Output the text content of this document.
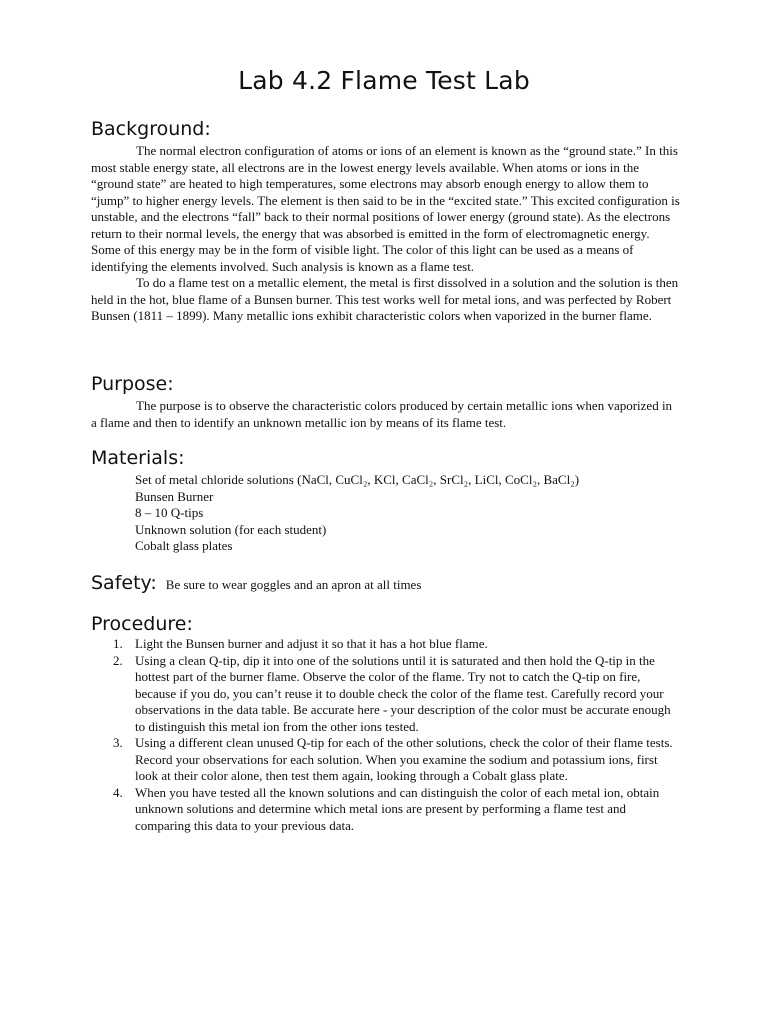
Lab 4.2 Flame Test Lab
Background:

The normal electron configuration of atoms or ions of an element is known as the “ground state.” In this most stable energy state, all electrons are in the lowest energy levels available. When atoms or ions in the “ground state” are heated to high temperatures, some electrons may absorb enough energy to allow them to “jump” to higher energy levels. The element is then said to be in the “excited state.” This excited configuration is unstable, and the electrons “fall” back to their normal positions of lower energy (ground state). As the electrons return to their normal levels, the energy that was absorbed is emitted in the form of electromagnetic energy. Some of this energy may be in the form of visible light. The color of this light can be used as a means of identifying the elements involved. Such analysis is known as a flame test.

To do a flame test on a metallic element, the metal is first dissolved in a solution and the solution is then held in the hot, blue flame of a Bunsen burner. This test works well for metal ions, and was perfected by Robert Bunsen (1811 – 1899). Many metallic ions exhibit characteristic colors when vaporized in the burner flame.

Purpose:

The purpose is to observe the characteristic colors produced by certain metallic ions when vaporized in a flame and then to identify an unknown metallic ion by means of its flame test.

Materials:
Set of metal chloride solutions (NaCl, CuCl₂, KCl, CaCl₂, SrCl₂, LiCl, CoCl₂, BaCl₂)
Bunsen Burner
8 – 10 Q-tips
Unknown solution (for each student)
Cobalt glass plates
Safety: Be sure to wear goggles and an apron at all times
Procedure:
1. Light the Bunsen burner and adjust it so that it has a hot blue flame.
2. Using a clean Q-tip, dip it into one of the solutions until it is saturated and then hold the Q-tip in the hottest part of the burner flame. Observe the color of the flame. Try not to catch the Q-tip on fire, because if you do, you can’t reuse it to double check the color of the flame test. Carefully record your observations in the data table. Be accurate here - your description of the color must be accurate enough to distinguish this metal ion from the other ions tested.
3. Using a different clean unused Q-tip for each of the other solutions, check the color of their flame tests. Record your observations for each solution. When you examine the sodium and potassium ions, first look at their color alone, then test them again, looking through a Cobalt glass plate.
4. When you have tested all the known solutions and can distinguish the color of each metal ion, obtain unknown solutions and determine which metal ions are present by performing a flame test and comparing this data to your previous data.
